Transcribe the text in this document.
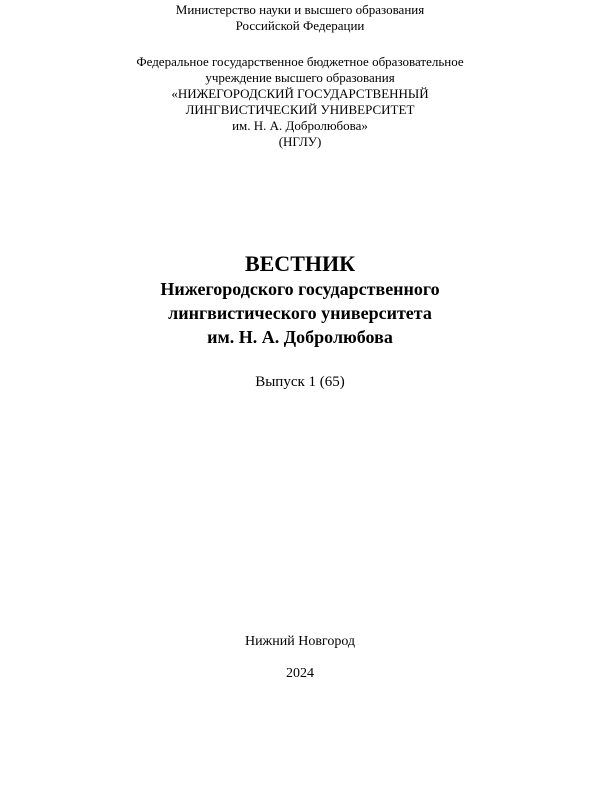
Министерство науки и высшего образования
Российской Федерации
Федеральное государственное бюджетное образовательное
учреждение высшего образования
«НИЖЕГОРОДСКИЙ ГОСУДАРСТВЕННЫЙ
ЛИНГВИСТИЧЕСКИЙ УНИВЕРСИТЕТ
им. Н. А. Добролюбова»
(НГЛУ)
ВЕСТНИК
Нижегородского государственного
лингвистического университета
им. Н. А. Добролюбова
Выпуск 1 (65)
Нижний Новгород
2024
